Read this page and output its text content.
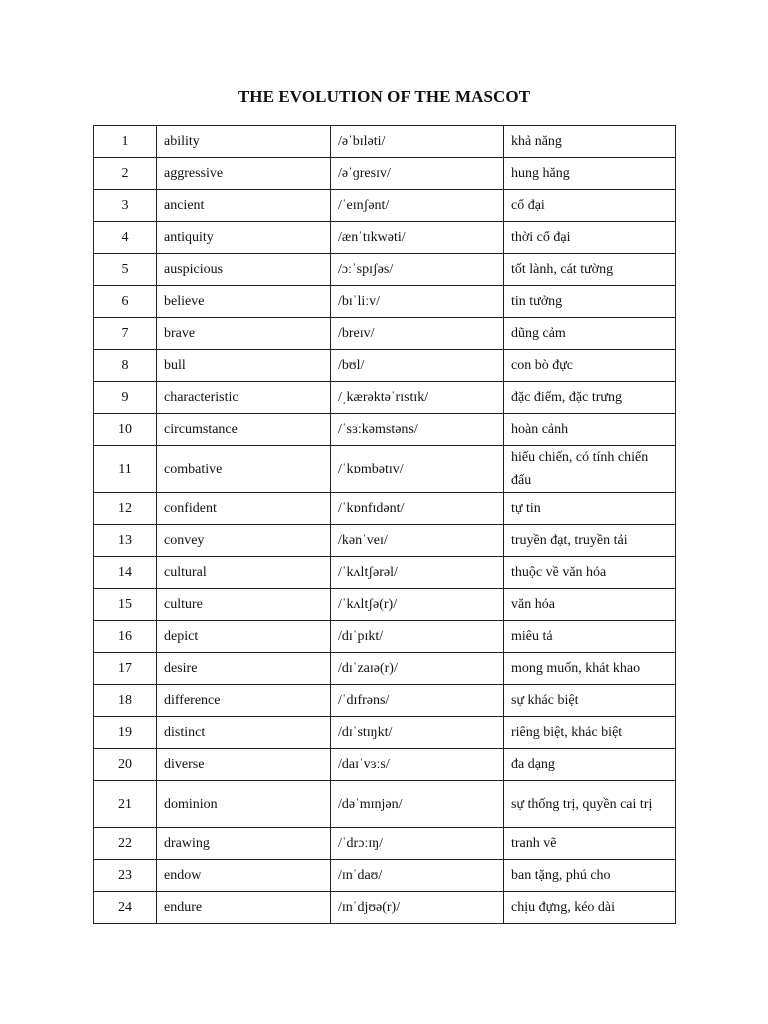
THE EVOLUTION OF THE MASCOT
1	ability	/əˈbɪləti/	khả năng
2	aggressive	/əˈɡresɪv/	hung hăng
3	ancient	/ˈeɪnʃənt/	cổ đại
4	antiquity	/ænˈtɪkwəti/	thời cổ đại
5	auspicious	/ɔːˈspɪʃəs/	tốt lành, cát tường
6	believe	/bɪˈliːv/	tin tưởng
7	brave	/breɪv/	dũng cảm
8	bull	/bʊl/	con bò đực
9	characteristic	/ˌkærəktəˈrɪstɪk/	đặc điểm, đặc trưng
10	circumstance	/ˈsɜːkəmstəns/	hoàn cảnh
11	combative	/ˈkɒmbətɪv/	hiếu chiến, có tính chiến đấu
12	confident	/ˈkɒnfɪdənt/	tự tin
13	convey	/kənˈveɪ/	truyền đạt, truyền tải
14	cultural	/ˈkʌltʃərəl/	thuộc về văn hóa
15	culture	/ˈkʌltʃə(r)/	văn hóa
16	depict	/dɪˈpɪkt/	miêu tả
17	desire	/dɪˈzaɪə(r)/	mong muốn, khát khao
18	difference	/ˈdɪfrəns/	sự khác biệt
19	distinct	/dɪˈstɪŋkt/	riêng biệt, khác biệt
20	diverse	/daɪˈvɜːs/	đa dạng
21	dominion	/dəˈmɪnjən/	sự thống trị, quyền cai trị
22	drawing	/ˈdrɔːɪŋ/	tranh vẽ
23	endow	/ɪnˈdaʊ/	ban tặng, phú cho
24	endure	/ɪnˈdjʊə(r)/	chịu đựng, kéo dài
